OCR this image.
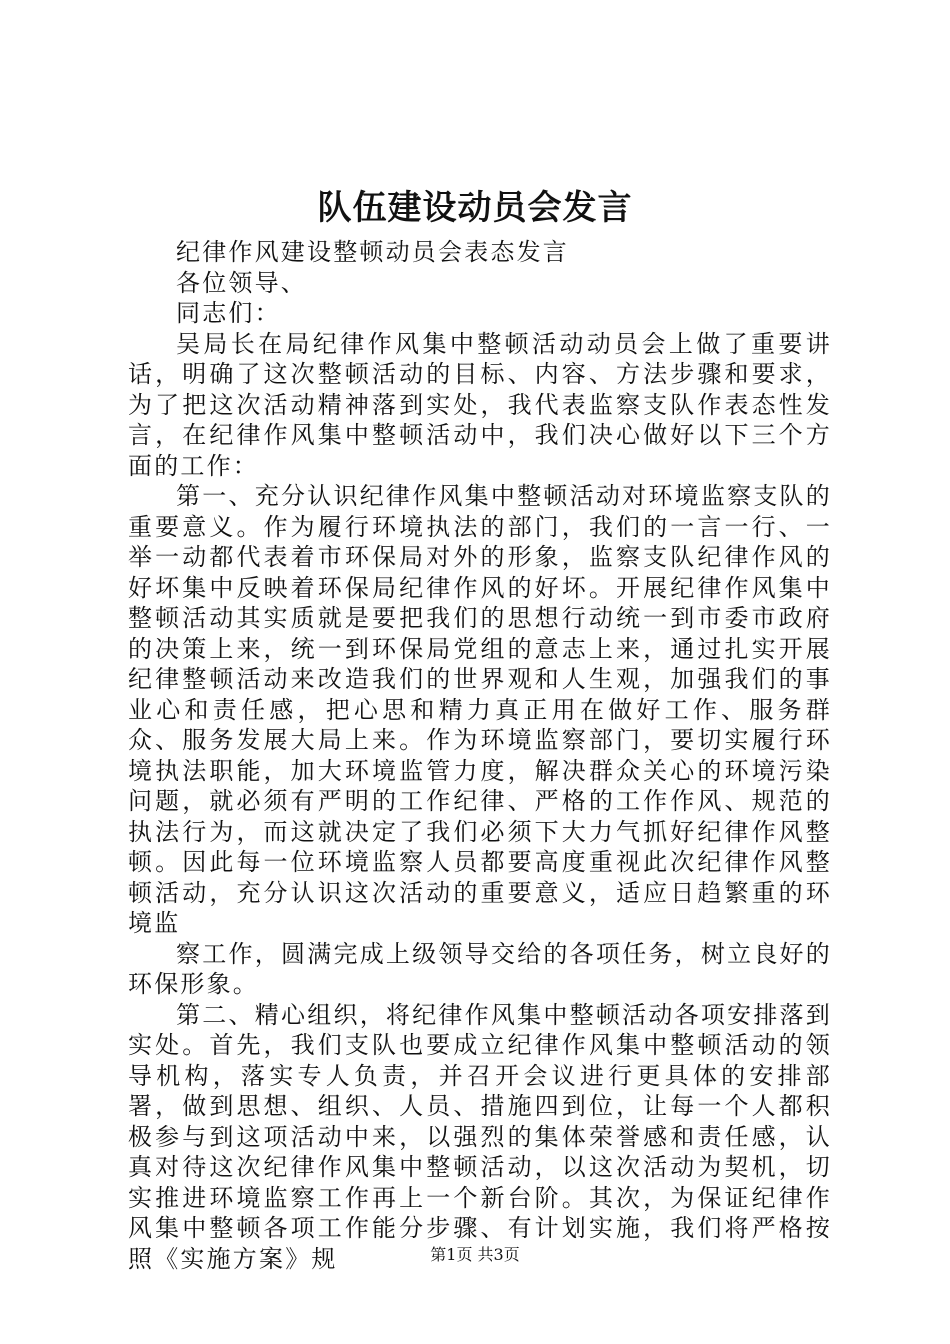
队伍建设动员会发言

纪律作风建设整顿动员会表态发言

各位领导、

同志们：

吴局长在局纪律作风集中整顿活动动员会上做了重要讲话，明确了这次整顿活动的目标、内容、方法步骤和要求，为了把这次活动精神落到实处，我代表监察支队作表态性发言，在纪律作风集中整顿活动中，我们决心做好以下三个方面的工作：

第一、充分认识纪律作风集中整顿活动对环境监察支队的重要意义。作为履行环境执法的部门，我们的一言一行、一举一动都代表着市环保局对外的形象，监察支队纪律作风的好坏集中反映着环保局纪律作风的好坏。开展纪律作风集中整顿活动其实质就是要把我们的思想行动统一到市委市政府的决策上来，统一到环保局党组的意志上来，通过扎实开展纪律整顿活动来改造我们的世界观和人生观，加强我们的事业心和责任感，把心思和精力真正用在做好工作、服务群众、服务发展大局上来。作为环境监察部门，要切实履行环境执法职能，加大环境监管力度，解决群众关心的环境污染问题，就必须有严明的工作纪律、严格的工作作风、规范的执法行为，而这就决定了我们必须下大力气抓好纪律作风整顿。因此每一位环境监察人员都要高度重视此次纪律作风整顿活动，充分认识这次活动的重要意义，适应日趋繁重的环境监

察工作，圆满完成上级领导交给的各项任务，树立良好的环保形象。

第二、精心组织，将纪律作风集中整顿活动各项安排落到实处。首先，我们支队也要成立纪律作风集中整顿活动的领导机构，落实专人负责，并召开会议进行更具体的安排部署，做到思想、组织、人员、措施四到位，让每一个人都积极参与到这项活动中来，以强烈的集体荣誉感和责任感，认真对待这次纪律作风集中整顿活动，以这次活动为契机，切实推进环境监察工作再上一个新台阶。其次，为保证纪律作风集中整顿各项工作能分步骤、有计划实施，我们将严格按照《实施方案》规	第1页 共3页
